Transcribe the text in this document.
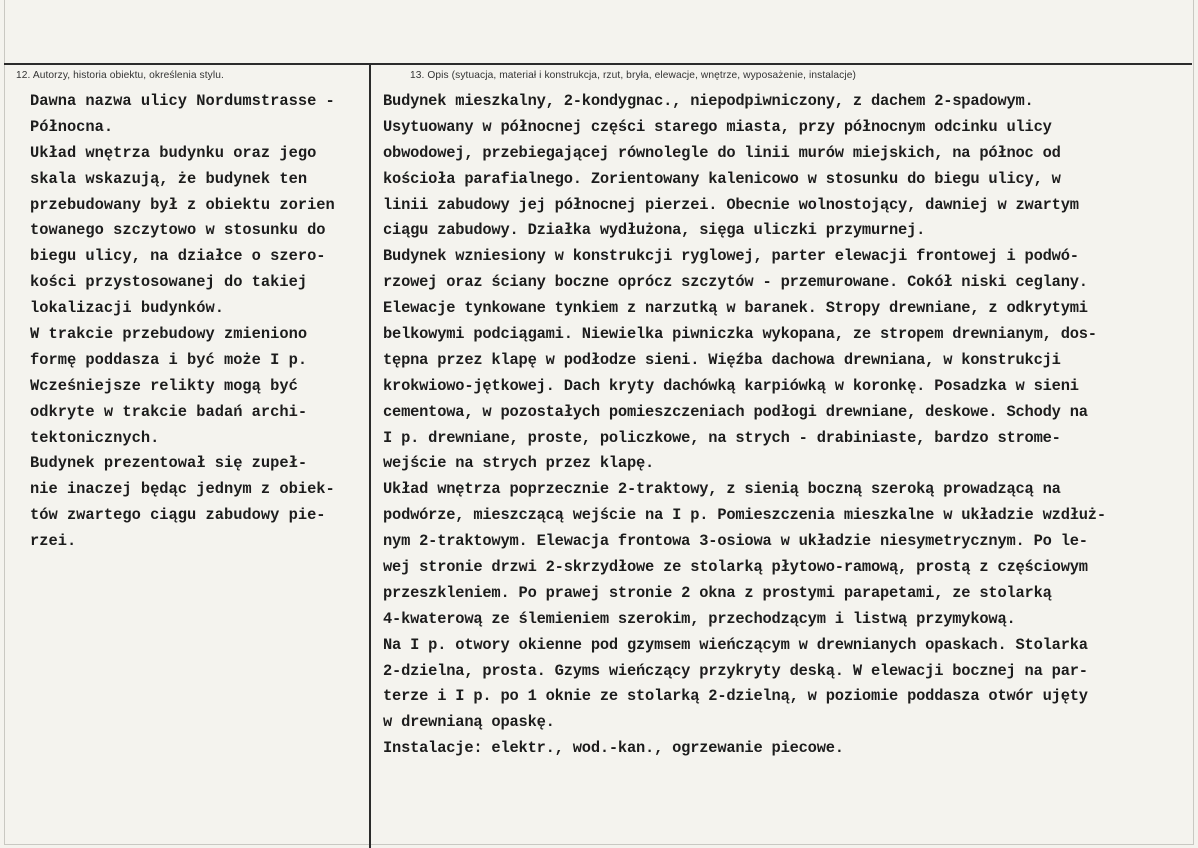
12. Autorzy, historia obiektu, określenia stylu.	13. Opis (sytuacja, materiał i konstrukcja, rzut, bryła, elewacje, wnętrze, wyposażenie, instalacje)
Dawna nazwa ulicy Nordumstrasse -
Północna.
Układ wnętrza budynku oraz jego
skala wskazują, że budynek ten
przebudowany był z obiektu zorien
towanego szczytowo w stosunku do
biegu ulicy, na działce o szero-
kości przystosowanej do takiej
lokalizacji budynków.
W trakcie przebudowy zmieniono
formę poddasza i być może I p.
Wcześniejsze relikty mogą być
odkryte w trakcie badań archi-
tektonicznych.
Budynek prezentował się zupeł-
nie inaczej będąc jednym z obiek-
tów zwartego ciągu zabudowy pie-
rzei.
Budynek mieszkalny, 2-kondygnac., niepodpiwniczony, z dachem 2-spadowym.
Usytuowany w północnej części starego miasta, przy północnym odcinku ulicy
obwodowej, przebiegającej równolegle do linii murów miejskich, na północ od
kościoła parafialnego. Zorientowany kalenicowo w stosunku do biegu ulicy, w
linii zabudowy jej północnej pierzei. Obecnie wolnostojący, dawniej w zwartym
ciągu zabudowy. Działka wydłużona, sięga uliczki przymurnej.
Budynek wzniesiony w konstrukcji ryglowej, parter elewacji frontowej i podwó-
rzowej oraz ściany boczne oprócz szczytów - przemurowane. Cokół niski ceglany.
Elewacje tynkowane tynkiem z narzutką w baranek. Stropy drewniane, z odkrytymi
belkowymi podciągami. Niewielka piwniczka wykopana, ze stropem drewnianym, dos-
tępna przez klapę w podłodze sieni. Więźba dachowa drewniana, w konstrukcji
krokwiowo-jętkowej. Dach kryty dachówką karpiówką w koronkę. Posadzka w sieni
cementowa, w pozostałych pomieszczeniach podłogi drewniane, deskowe. Schody na
I p. drewniane, proste, policzkowe, na strych - drabiniaste, bardzo strome-
wejście na strych przez klapę.
Układ wnętrza poprzecznie 2-traktowy, z sienią boczną szeroką prowadzącą na
podwórze, mieszczącą wejście na I p. Pomieszczenia mieszkalne w układzie wzdłuż-
nym 2-traktowym. Elewacja frontowa 3-osiowa w układzie niesymetrycznym. Po le-
wej stronie drzwi 2-skrzydłowe ze stolarką płytowo-ramową, prostą z częściowym
przeszkleniem. Po prawej stronie 2 okna z prostymi parapetami, ze stolarką
4-kwaterową ze ślemieniem szerokim, przechodzącym i listwą przymykową.
Na I p. otwory okienne pod gzymsem wieńczącym w drewnianych opaskach. Stolarka
2-dzielna, prosta. Gzyms wieńczący przykryty deską. W elewacji bocznej na par-
terze i I p. po 1 oknie ze stolarką 2-dzielną, w poziomie poddasza otwór ujęty
w drewnianą opaskę.
Instalacje: elektr., wod.-kan., ogrzewanie piecowe.
